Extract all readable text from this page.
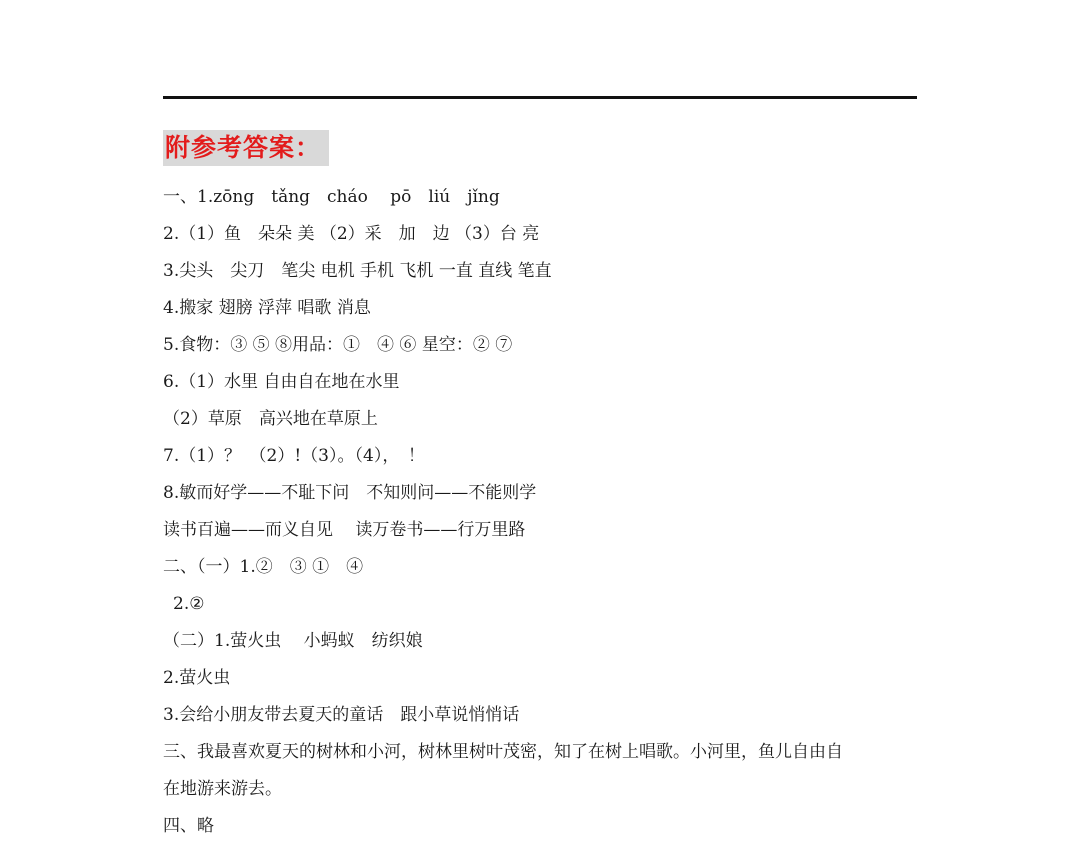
附参考答案：
一、1.zōng　tǎng　cháo　 pō　liú　jǐng
2.（1）鱼　朵朵 美 （2）采　加　边 （3）台 亮
3.尖头　尖刀　笔尖 电机 手机 飞机 一直 直线 笔直
4.搬家 翅膀 浮萍 唱歌 消息
5.食物：③ ⑤ ⑧用品：①　④ ⑥ 星空：② ⑦
6.（1）水里 自由自在地在水里
（2）草原　高兴地在草原上
7.（1）？　（2）!（3）。（4），　！
8.敏而好学——不耻下问　不知则问——不能则学
读书百遍——而义自见　 读万卷书——行万里路
二、（一）1.②　③ ①　④
2.②
（二）1.萤火虫　 小蚂蚁　纺织娘
2.萤火虫
3.会给小朋友带去夏天的童话　跟小草说悄悄话
三、我最喜欢夏天的树林和小河，树林里树叶茂密，知了在树上唱歌。小河里，鱼儿自由自
在地游来游去。
四、略
